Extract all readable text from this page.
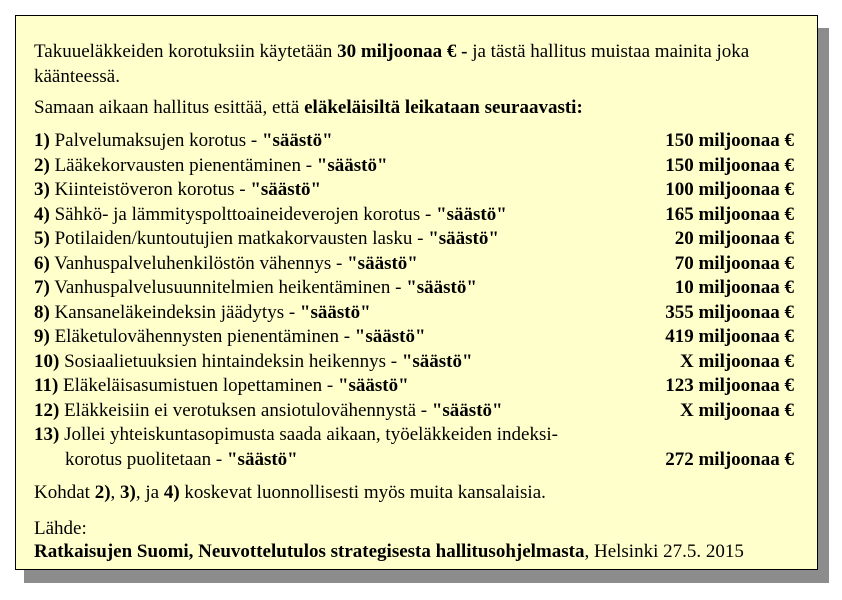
Takuueläkkeiden korotuksiin käytetään 30 miljoonaa € - ja tästä hallitus muistaa mainita joka käänteessä.
Samaan aikaan hallitus esittää, että eläkeläisiltä leikataan seuraavasti:
1) Palvelumaksujen korotus - "säästö"	150 miljoonaa €
2) Lääkekorvausten pienentäminen - "säästö"	150 miljoonaa €
3) Kiinteistöveron korotus - "säästö"	100 miljoonaa €
4) Sähkö- ja lämmityspolttoaineideverojen korotus - "säästö"	165 miljoonaa €
5) Potilaiden/kuntoutujien matkakorvausten lasku - "säästö"	20 miljoonaa €
6) Vanhuspalveluhenkilöstön vähennys - "säästö"	70 miljoonaa €
7) Vanhuspalvelusuunnitelmien heikentäminen - "säästö"	10 miljoonaa €
8) Kansaneläkeindeksin jäädytys - "säästö"	355 miljoonaa €
9) Eläketulovähennysten pienentäminen - "säästö"	419 miljoonaa €
10) Sosiaalietuuksien hintaindeksin heikennys - "säästö"	X miljoonaa €
11) Eläkeläisasumistuen lopettaminen - "säästö"	123 miljoonaa €
12) Eläkkeisiin ei verotuksen ansiotulovähennystä - "säästö"	X miljoonaa €
13) Jollei yhteiskuntasopimusta saada aikaan, työeläkkeiden indeksi-
korotus puolitetaan - "säästö"	272 miljoonaa €
Kohdat 2), 3), ja 4) koskevat luonnollisesti myös muita kansalaisia.
Lähde:
Ratkaisujen Suomi, Neuvottelutulos strategisesta hallitusohjelmasta, Helsinki 27.5. 2015
